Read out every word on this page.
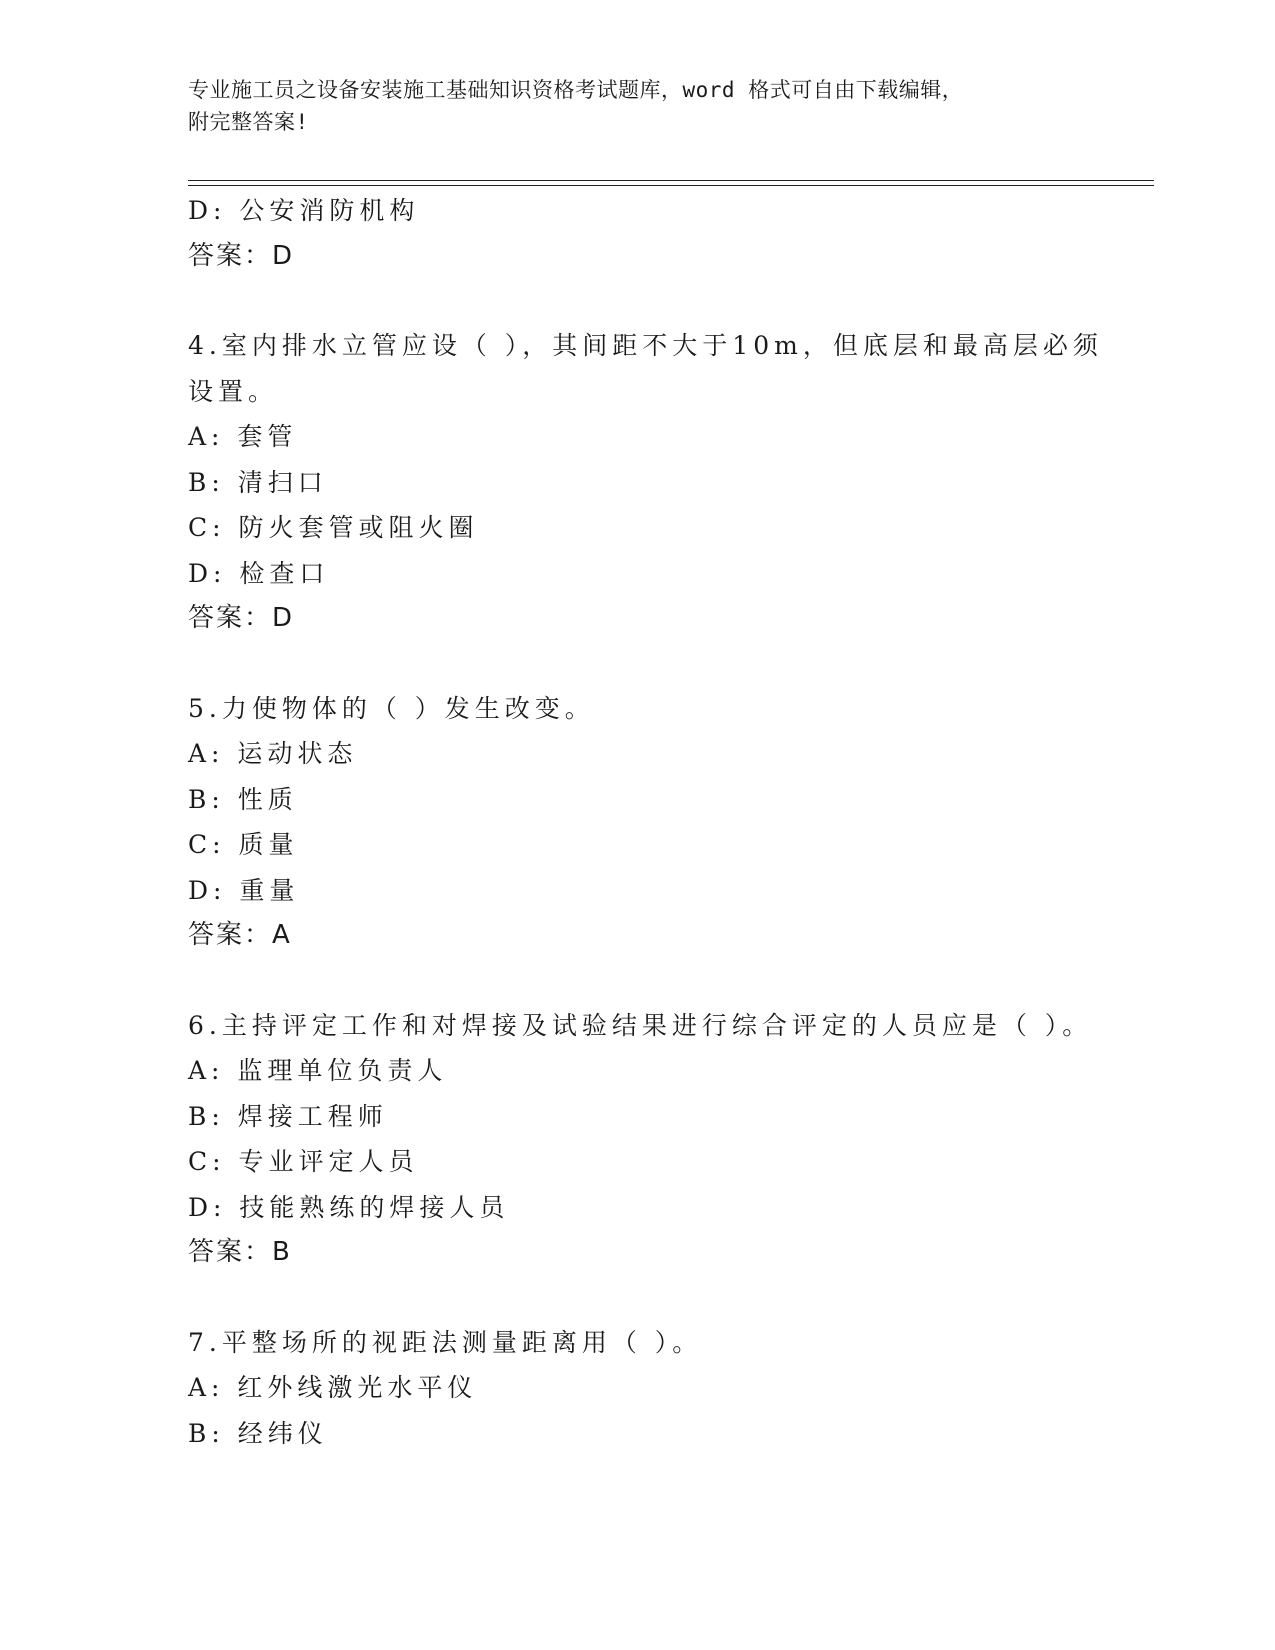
专业施工员之设备安装施工基础知识资格考试题库，word 格式可自由下载编辑，
附完整答案!
D: 公安消防机构
答案：D
4.室内排水立管应设（ ），其间距不大于10m，但底层和最高层必须
设置。
A: 套管
B: 清扫口
C: 防火套管或阻火圈
D: 检查口
答案：D
5.力使物体的（ ）发生改变。
A: 运动状态
B: 性质
C: 质量
D: 重量
答案：A
6.主持评定工作和对焊接及试验结果进行综合评定的人员应是（ ）。
A: 监理单位负责人
B: 焊接工程师
C: 专业评定人员
D: 技能熟练的焊接人员
答案：B
7.平整场所的视距法测量距离用（ ）。
A: 红外线激光水平仪
B: 经纬仪
